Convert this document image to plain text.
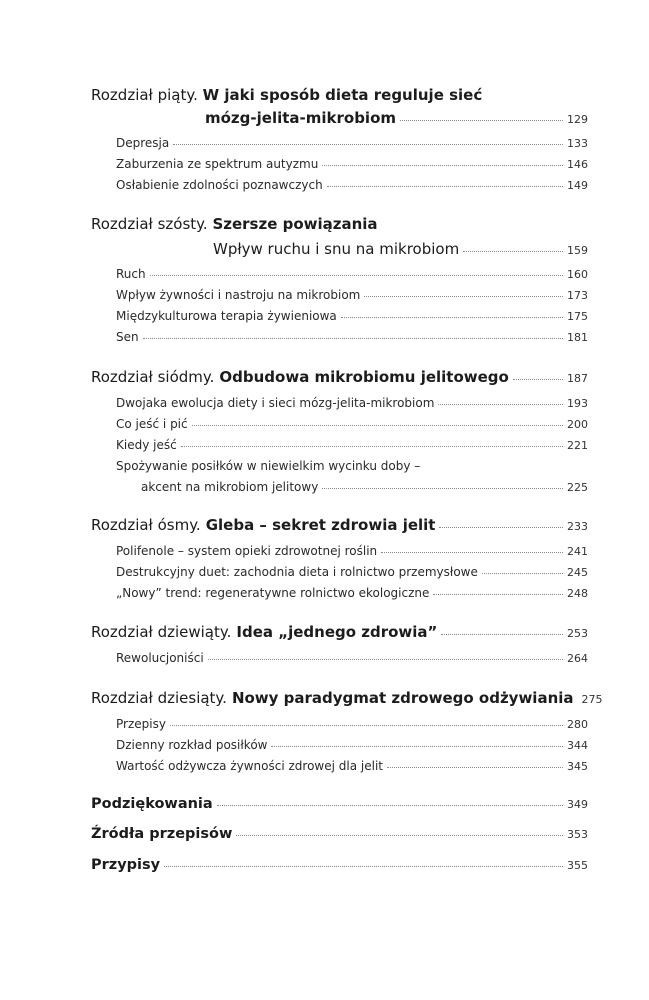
Rozdział piąty. W jaki sposób dieta reguluje sieć
mózg-jelita-mikrobiom	129
Depresja	133
Zaburzenia ze spektrum autyzmu	146
Osłabienie zdolności poznawczych	149
Rozdział szósty. Szersze powiązania
Wpływ ruchu i snu na mikrobiom	159
Ruch	160
Wpływ żywności i nastroju na mikrobiom	173
Międzykulturowa terapia żywieniowa	175
Sen	181
Rozdział siódmy. Odbudowa mikrobiomu jelitowego	187
Dwojaka ewolucja diety i sieci mózg-jelita-mikrobiom	193
Co jeść i pić	200
Kiedy jeść	221
Spożywanie posiłków w niewielkim wycinku doby –
akcent na mikrobiom jelitowy	225
Rozdział ósmy. Gleba – sekret zdrowia jelit	233
Polifenole – system opieki zdrowotnej roślin	241
Destrukcyjny duet: zachodnia dieta i rolnictwo przemysłowe	245
„Nowy” trend: regeneratywne rolnictwo ekologiczne	248
Rozdział dziewiąty. Idea „jednego zdrowia”	253
Rewolucjoniści	264
Rozdział dziesiąty. Nowy paradygmat zdrowego odżywiania 275
Przepisy	280
Dzienny rozkład posiłków	344
Wartość odżywcza żywności zdrowej dla jelit	345
Podziękowania	349
Źródła przepisów	353
Przypisy	355
